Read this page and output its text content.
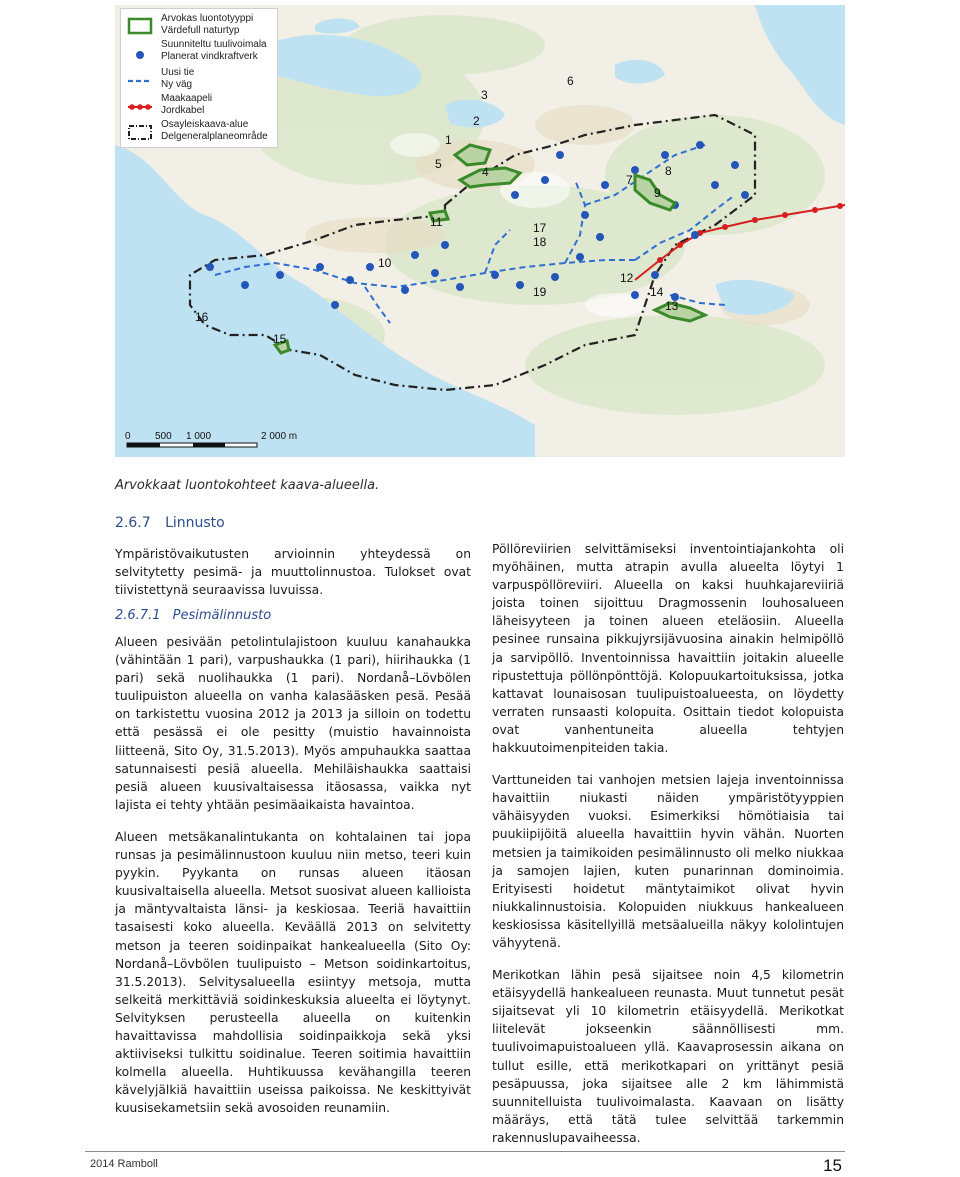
1
2
3
4
5
6
7
8
9
10
11
12
13
14
15
16
17
18
19
0 500 1 000	2 000 m
Arvokas luontotyyppi
Värdefull naturtyp
Suunniteltu tuulivoimala
Planerat vindkraftverk
Uusi tie
Ny väg
Maakaapeli
Jordkabel
Osayleiskaava-alue
Delgeneralplaneområde
Arvokkaat luontokohteet kaava-alueella.
2.6.7 Linnusto

Ympäristövaikutusten arvioinnin yhteydessä on selvitytetty pesimä- ja muuttolinnustoa. Tulokset ovat tiivistettynä seuraavissa luvuissa.

2.6.7.1 Pesimälinnusto

Alueen pesivään petolintulajistoon kuuluu kanahaukka (vähintään 1 pari), varpushaukka (1 pari), hiirihaukka (1 pari) sekä nuolihaukka (1 pari). Nordanå–Lövbölen tuulipuiston alueella on vanha kalasääsken pesä. Pesää on tarkistettu vuosina 2012 ja 2013 ja silloin on todettu että pesässä ei ole pesitty (muistio havainnoista liitteenä, Sito Oy, 31.5.2013). Myös ampuhaukka saattaa satunnaisesti pesiä alueella. Mehiläishaukka saattaisi pesiä alueen kuusivaltaisessa itäosassa, vaikka nyt lajista ei tehty yhtään pesimäaikaista havaintoa.

Alueen metsäkanalintukanta on kohtalainen tai jopa runsas ja pesimälinnustoon kuuluu niin metso, teeri kuin pyykin. Pyykanta on runsas alueen itäosan kuusivaltaisella alueella. Metsot suosivat alueen kallioista ja mäntyvaltaista länsi- ja keskiosaa. Teeriä havaittiin tasaisesti koko alueella. Keväällä 2013 on selvitetty metson ja teeren soidinpaikat hankealueella (Sito Oy: Nordanå–Lövbölen tuulipuisto – Metson soidinkartoitus, 31.5.2013). Selvitysalueella esiintyy metsoja, mutta selkeitä merkittäviä soidinkeskuksia alueelta ei löytynyt. Selvityksen perusteella alueella on kuitenkin havaittavissa mahdollisia soidinpaikkoja sekä yksi aktiiviseksi tulkittu soidinalue. Teeren soitimia havaittiin kolmella alueella. Huhtikuussa kevähangilla teeren kävelyjälkiä havaittiin useissa paikoissa. Ne keskittyivät kuusisekametsiin sekä avosoiden reunamiin.

Pöllöreviirien selvittämiseksi inventointiajankohta oli myöhäinen, mutta atrapin avulla alueelta löytyi 1 varpuspöllöreviiri. Alueella on kaksi huuhkajareviiriä joista toinen sijoittuu Dragmossenin louhosalueen läheisyyteen ja toinen alueen eteläosiin. Alueella pesinee runsaina pikkujyrsijävuosina ainakin helmipöllö ja sarvipöllö. Inventoinnissa havaittiin joitakin alueelle ripustettuja pöllönpönttöjä. Kolopuukartoituksissa, jotka kattavat lounaisosan tuulipuistoalueesta, on löydetty verraten runsaasti kolopuita. Osittain tiedot kolopuista ovat vanhentuneita alueella tehtyjen hakkuutoimenpiteiden takia.

Varttuneiden tai vanhojen metsien lajeja inventoinnissa havaittiin niukasti näiden ympäristötyyppien vähäisyyden vuoksi. Esimerkiksi hömötiaisia tai puukiipijöitä alueella havaittiin hyvin vähän. Nuorten metsien ja taimikoiden pesimälinnusto oli melko niukkaa ja samojen lajien, kuten punarinnan dominoimia. Erityisesti hoidetut mäntytaimikot olivat hyvin niukkalinnustoisia. Kolopuiden niukkuus hankealueen keskiosissa käsitellyillä metsäalueilla näkyy kololintujen vähyytenä.

Merikotkan lähin pesä sijaitsee noin 4,5 kilometrin etäisyydellä hankealueen reunasta. Muut tunnetut pesät sijaitsevat yli 10 kilometrin etäisyydellä. Merikotkat liitelevät jokseenkin säännöllisesti mm. tuulivoimapuistoalueen yllä. Kaavaprosessin aikana on tullut esille, että merikotkapari on yrittänyt pesiä pesäpuussa, joka sijaitsee alle 2 km lähimmistä suunnitelluista tuulivoimalasta. Kaavaan on lisätty määräys, että tätä tulee selvittää tarkemmin rakennuslupavaiheessa.

2014 Ramboll	15
